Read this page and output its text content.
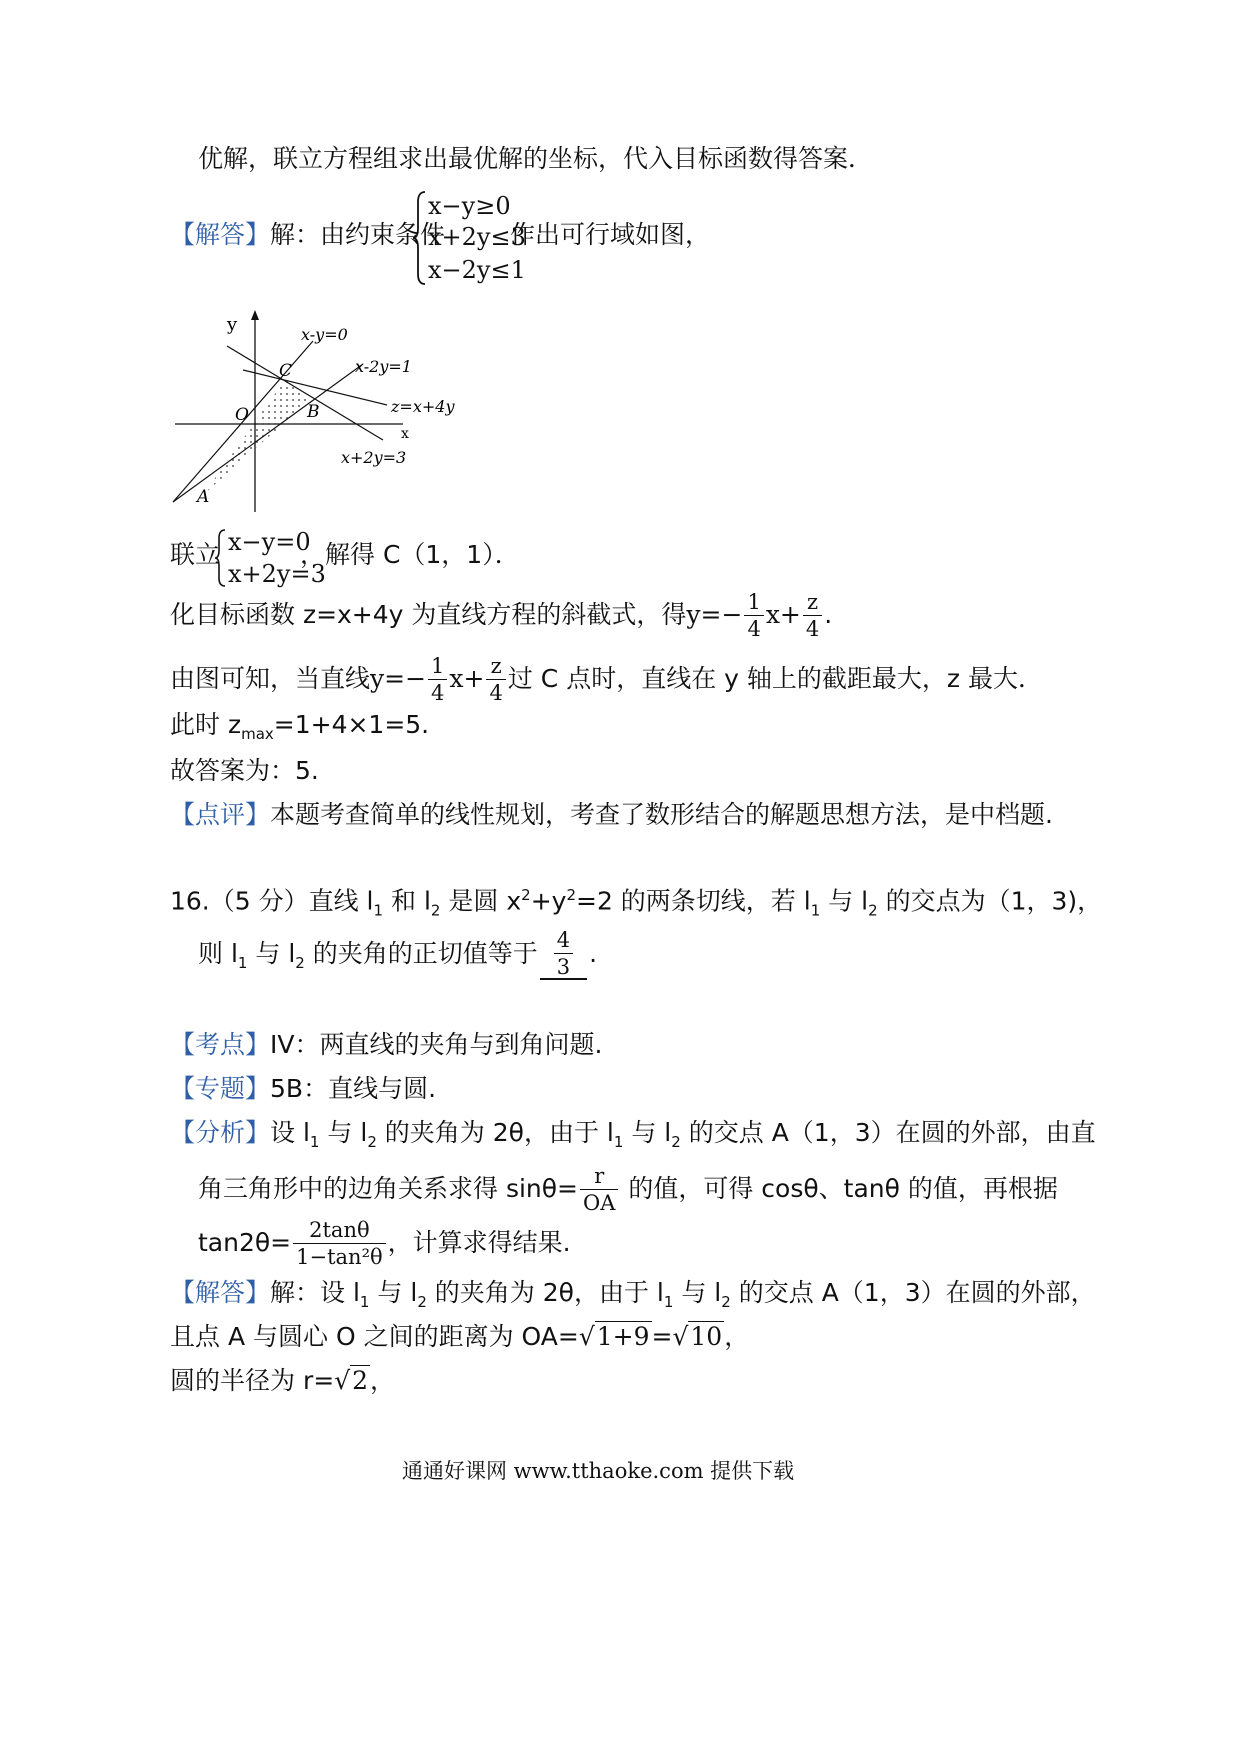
优解，联立方程组求出最优解的坐标，代入目标函数得答案．
【解答】解：由约束条件
x−y≥0
x+2y≤3
x−2y≤1
作出可行域如图，
y
x
x-y=0
x-2y=1
z=x+4y
x+2y=3
C
O	B
A
联立 x−y=0
x+2y=3
，解得 C（1，1）．
化目标函数 z=x+4y 为直线方程的斜截式，得$y=- \frac{1}{4} x+ \frac{z}{4}$ .
由图可知，当直线$y=- \frac{1}{4} x+ \frac{z}{4}$ 过 C 点时，直线在 y 轴上的截距最大，z 最大．
此时 $z_{max}=1+4\times 1=5$.
故答案为：5.
【点评】本题考查简单的线性规划，考查了数形结合的解题思想方法，是中档题.
16.（5 分）直线 $l_1$ 和 $l_2$ 是圆 $x^2+y^2=2$ 的两条切线，若 $l_1$ 与 $l_2$ 的交点为（1，3)，
则 $l_1$ 与 $l_2$ 的夹角的正切值等于 $\frac{4}{3}$ .
【考点】IV：两直线的夹角与到角问题.
【专题】5B：直线与圆.
【分析】设 $l_1$ 与 $l_2$ 的夹角为 2θ，由于 $l_1$ 与 $l_2$ 的交点 A（1，3）在圆的外部，由直
角三角形中的边角关系求得 $\sin\theta= \frac{r}{OA}$ 的值，可得 cosθ、tanθ 的值，再根据
$\tan 2\theta= \frac{2\tan\theta}{\text{1−tan²θ}}$ ，计算求得结果.
【解答】解：设 $l_1$ 与 $l_2$ 的夹角为 2θ，由于 $l_1$ 与 $l_2$ 的交点 A（1，3）在圆的外部，
且点 A 与圆心 O 之间的距离为 OA=√1+9=√10，
圆的半径为 r=√2，
通通好课网 www.tthaoke.com 提供下载
